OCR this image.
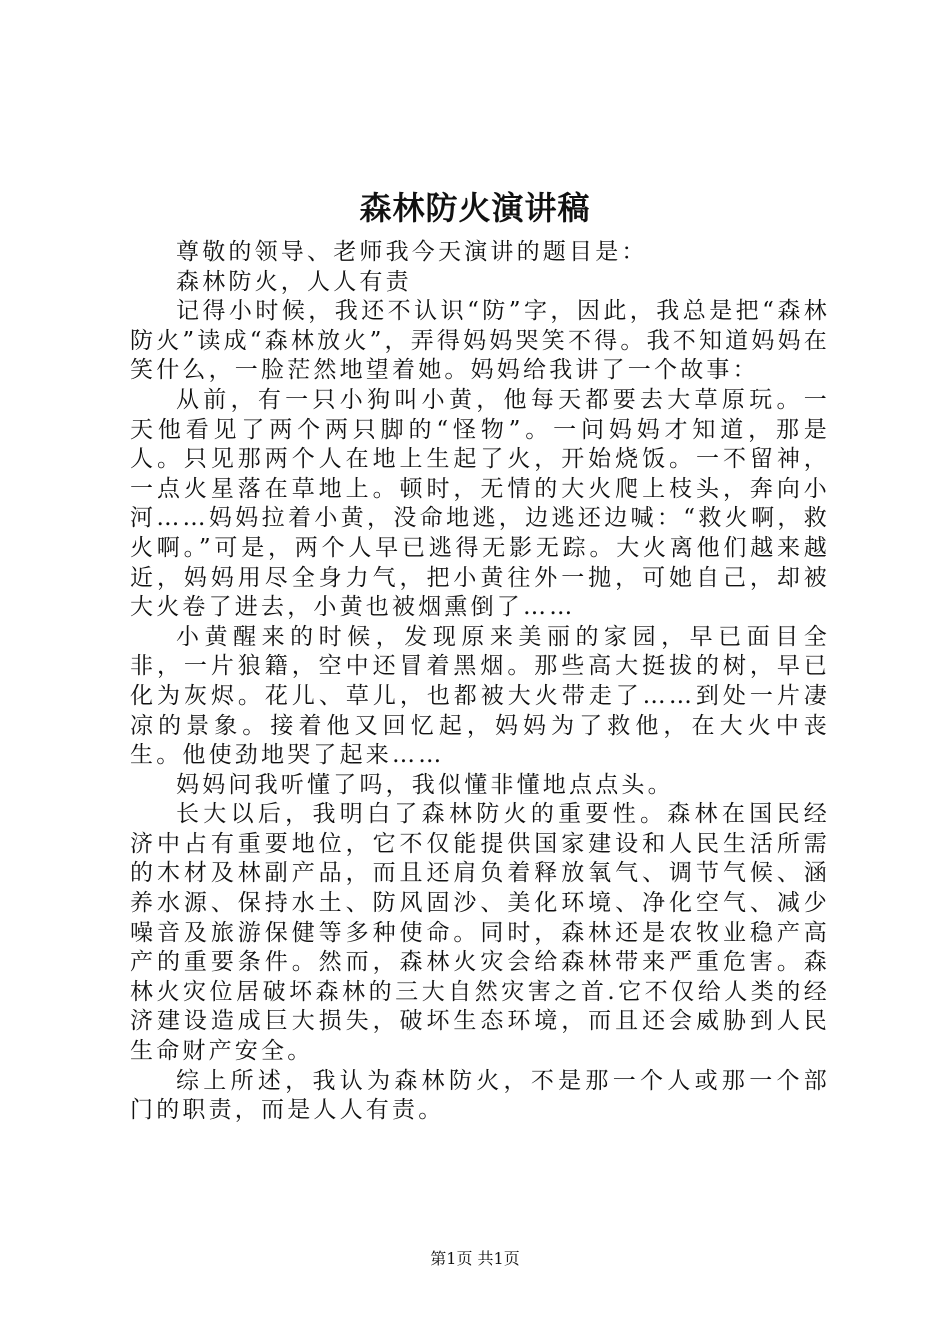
森林防火演讲稿

尊敬的领导、老师我今天演讲的题目是：

森林防火，人人有责

记得小时候，我还不认识“防”字，因此，我总是把“森林防火”读成“森林放火”，弄得妈妈哭笑不得。我不知道妈妈在笑什么，一脸茫然地望着她。妈妈给我讲了一个故事：

从前，有一只小狗叫小黄，他每天都要去大草原玩。一天他看见了两个两只脚的“怪物”。一问妈妈才知道，那是人。只见那两个人在地上生起了火，开始烧饭。一不留神，一点火星落在草地上。顿时，无情的大火爬上枝头，奔向小河……妈妈拉着小黄，没命地逃，边逃还边喊：“救火啊，救火啊。”可是，两个人早已逃得无影无踪。大火离他们越来越近，妈妈用尽全身力气，把小黄往外一抛，可她自己，却被大火卷了进去，小黄也被烟熏倒了……

小黄醒来的时候，发现原来美丽的家园，早已面目全非，一片狼籍，空中还冒着黑烟。那些高大挺拔的树，早已化为灰烬。花儿、草儿，也都被大火带走了……到处一片凄凉的景象。接着他又回忆起，妈妈为了救他，在大火中丧生。他使劲地哭了起来……

妈妈问我听懂了吗，我似懂非懂地点点头。

长大以后，我明白了森林防火的重要性。森林在国民经济中占有重要地位，它不仅能提供国家建设和人民生活所需的木材及林副产品，而且还肩负着释放氧气、调节气候、涵养水源、保持水土、防风固沙、美化环境、净化空气、减少噪音及旅游保健等多种使命。同时，森林还是农牧业稳产高产的重要条件。然而，森林火灾会给森林带来严重危害。森林火灾位居破坏森林的三大自然灾害之首.它不仅给人类的经济建设造成巨大损失，破坏生态环境，而且还会威胁到人民生命财产安全。

综上所述，我认为森林防火，不是那一个人或那一个部门的职责，而是人人有责。

第1页 共1页
